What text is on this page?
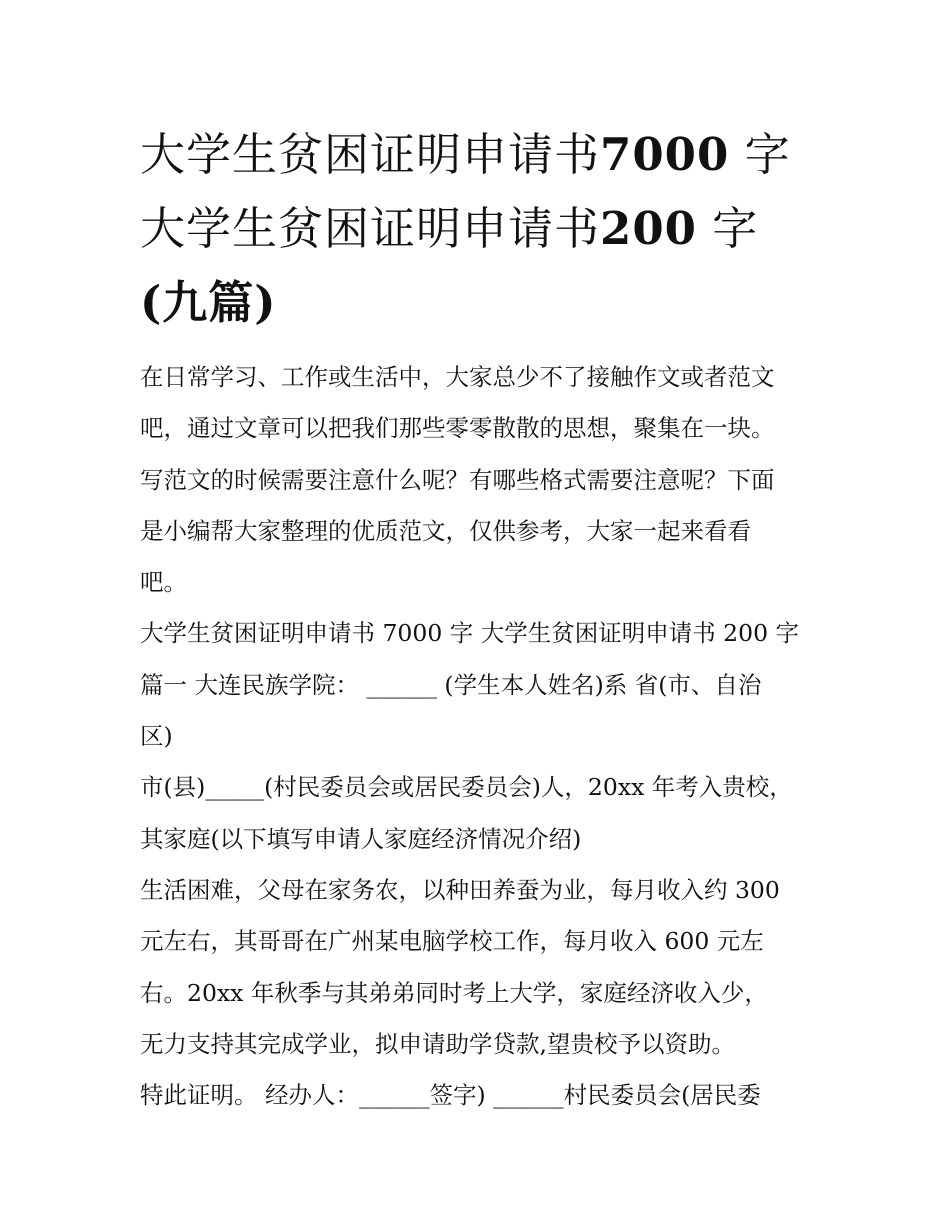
大学生贫困证明申请书7000 字
大学生贫困证明申请书200 字
(九篇)
在日常学习、工作或生活中，大家总少不了接触作文或者范文
吧，通过文章可以把我们那些零零散散的思想，聚集在一块。
写范文的时候需要注意什么呢？有哪些格式需要注意呢？下面
是小编帮大家整理的优质范文，仅供参考，大家一起来看看
吧。
大学生贫困证明申请书 7000 字 大学生贫困证明申请书 200 字
篇一 大连民族学院： ______ (学生本人姓名)系 省(市、自治
区)
市(县)_____(村民委员会或居民委员会)人，20xx 年考入贵校，
其家庭(以下填写申请人家庭经济情况介绍)
生活困难，父母在家务农，以种田养蚕为业，每月收入约 300
元左右，其哥哥在广州某电脑学校工作，每月收入 600 元左
右。20xx 年秋季与其弟弟同时考上大学，家庭经济收入少，
无力支持其完成学业，拟申请助学贷款,望贵校予以资助。
特此证明。 经办人：______签字) ______村民委员会(居民委
